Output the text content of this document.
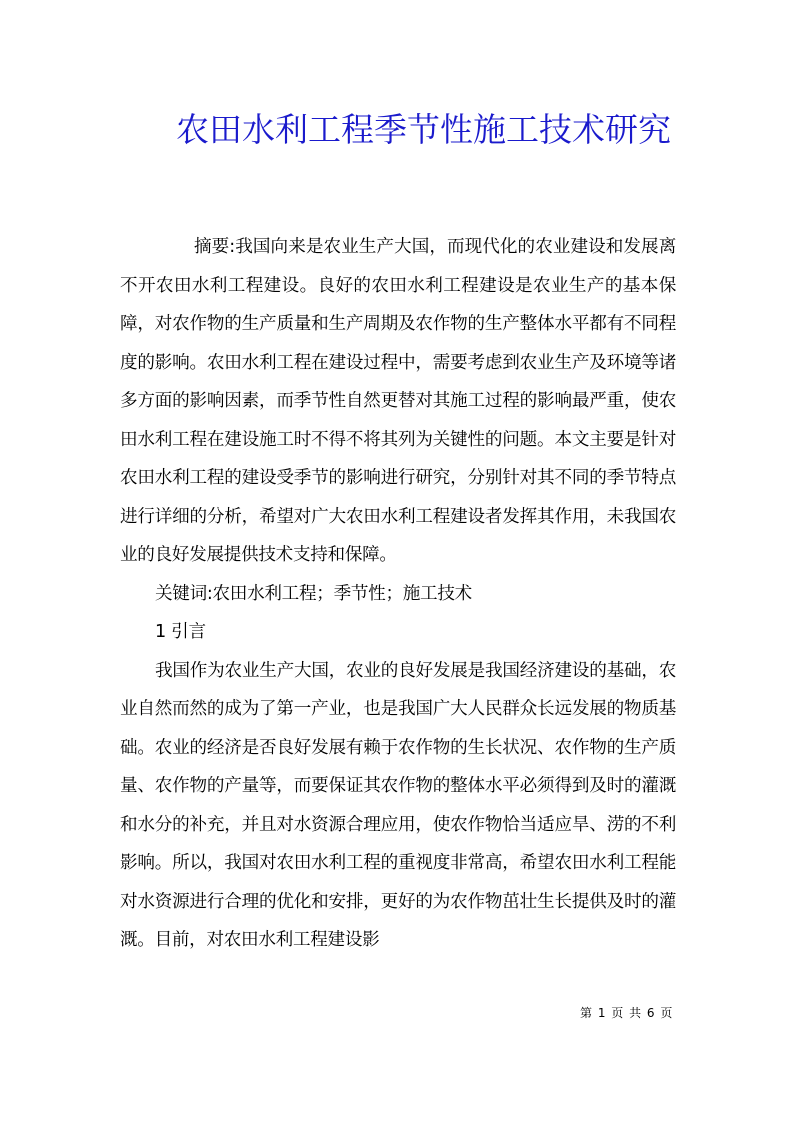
农田水利工程季节性施工技术研究

摘要:我国向来是农业生产大国，而现代化的农业建设和发展离不开农田水利工程建设。良好的农田水利工程建设是农业生产的基本保障，对农作物的生产质量和生产周期及农作物的生产整体水平都有不同程度的影响。农田水利工程在建设过程中，需要考虑到农业生产及环境等诸多方面的影响因素，而季节性自然更替对其施工过程的影响最严重，使农田水利工程在建设施工时不得不将其列为关键性的问题。本文主要是针对农田水利工程的建设受季节的影响进行研究，分别针对其不同的季节特点进行详细的分析，希望对广大农田水利工程建设者发挥其作用，未我国农业的良好发展提供技术支持和保障。

关键词:农田水利工程；季节性；施工技术

1 引言

我国作为农业生产大国，农业的良好发展是我国经济建设的基础，农业自然而然的成为了第一产业，也是我国广大人民群众长远发展的物质基础。农业的经济是否良好发展有赖于农作物的生长状况、农作物的生产质量、农作物的产量等，而要保证其农作物的整体水平必须得到及时的灌溉和水分的补充，并且对水资源合理应用，使农作物恰当适应旱、涝的不利影响。所以，我国对农田水利工程的重视度非常高，希望农田水利工程能对水资源进行合理的优化和安排，更好的为农作物茁壮生长提供及时的灌溉。目前，对农田水利工程建设影

第 1 页 共 6 页
